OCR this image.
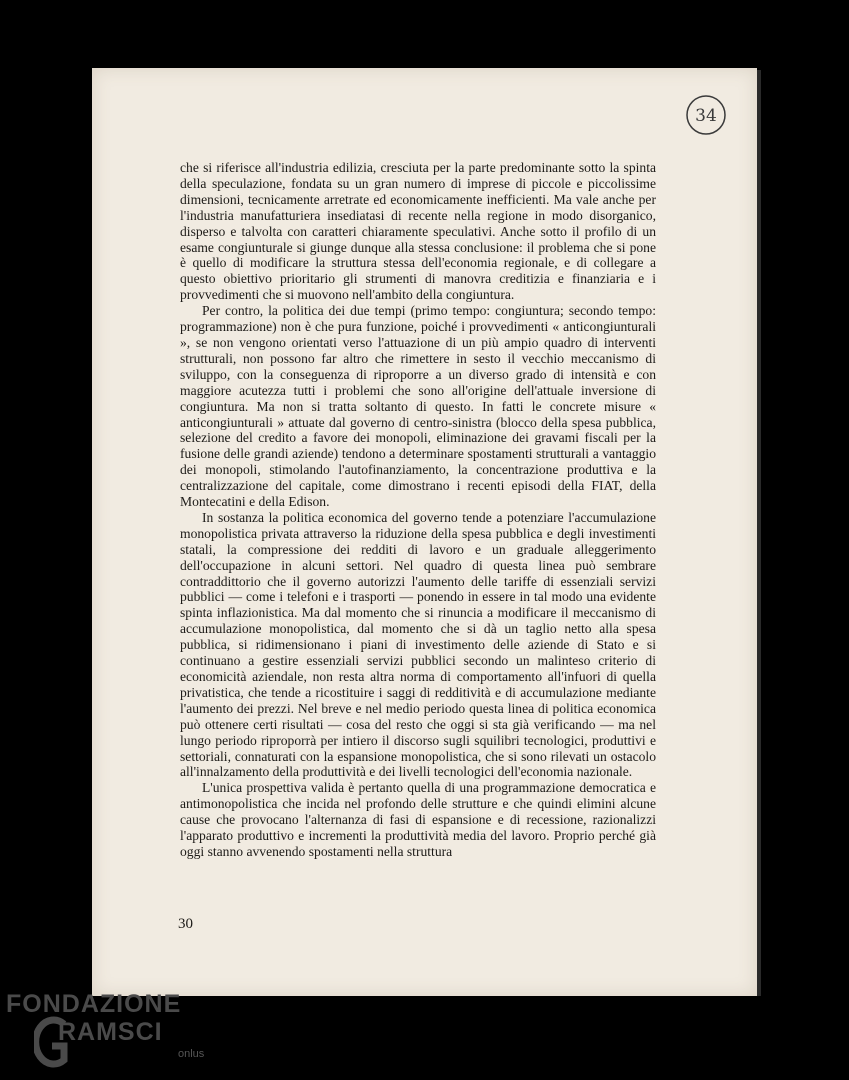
34

che si riferisce all'industria edilizia, cresciuta per la parte predominante sotto la spinta della speculazione, fondata su un gran numero di imprese di piccole e piccolissime dimensioni, tecnicamente arretrate ed economicamente inefficienti. Ma vale anche per l'industria manufatturiera insediatasi di recente nella regione in modo disorganico, disperso e talvolta con caratteri chiaramente speculativi. Anche sotto il profilo di un esame congiunturale si giunge dunque alla stessa conclusione: il problema che si pone è quello di modificare la struttura stessa dell'economia regionale, e di collegare a questo obiettivo prioritario gli strumenti di manovra creditizia e finanziaria e i provvedimenti che si muovono nell'ambito della congiuntura.

Per contro, la politica dei due tempi (primo tempo: congiuntura; secondo tempo: programmazione) non è che pura funzione, poiché i provvedimenti « anticongiunturali », se non vengono orientati verso l'attuazione di un più ampio quadro di interventi strutturali, non possono far altro che rimettere in sesto il vecchio meccanismo di sviluppo, con la conseguenza di riproporre a un diverso grado di intensità e con maggiore acutezza tutti i problemi che sono all'origine dell'attuale inversione di congiuntura. Ma non si tratta soltanto di questo. In fatti le concrete misure « anticongiunturali » attuate dal governo di centro-sinistra (blocco della spesa pubblica, selezione del credito a favore dei monopoli, eliminazione dei gravami fiscali per la fusione delle grandi aziende) tendono a determinare spostamenti strutturali a vantaggio dei monopoli, stimolando l'autofinanziamento, la concentrazione produttiva e la centralizzazione del capitale, come dimostrano i recenti episodi della FIAT, della Montecatini e della Edison.

In sostanza la politica economica del governo tende a potenziare l'accumulazione monopolistica privata attraverso la riduzione della spesa pubblica e degli investimenti statali, la compressione dei redditi di lavoro e un graduale alleggerimento dell'occupazione in alcuni settori. Nel quadro di questa linea può sembrare contraddittorio che il governo autorizzi l'aumento delle tariffe di essenziali servizi pubblici — come i telefoni e i trasporti — ponendo in essere in tal modo una evidente spinta inflazionistica. Ma dal momento che si rinuncia a modificare il meccanismo di accumulazione monopolistica, dal momento che si dà un taglio netto alla spesa pubblica, si ridimensionano i piani di investimento delle aziende di Stato e si continuano a gestire essenziali servizi pubblici secondo un malinteso criterio di economicità aziendale, non resta altra norma di comportamento all'infuori di quella privatistica, che tende a ricostituire i saggi di redditività e di accumulazione mediante l'aumento dei prezzi. Nel breve e nel medio periodo questa linea di politica economica può ottenere certi risultati — cosa del resto che oggi si sta già verificando — ma nel lungo periodo riproporrà per intiero il discorso sugli squilibri tecnologici, produttivi e settoriali, connaturati con la espansione monopolistica, che si sono rilevati un ostacolo all'innalzamento della produttività e dei livelli tecnologici dell'economia nazionale.

L'unica prospettiva valida è pertanto quella di una programmazione democratica e antimonopolistica che incida nel profondo delle strutture e che quindi elimini alcune cause che provocano l'alternanza di fasi di espansione e di recessione, razionalizzi l'apparato produttivo e incrementi la produttività media del lavoro. Proprio perché già oggi stanno avvenendo spostamenti nella struttura

30
FONDAZIONE
RAMSCI
onlus
